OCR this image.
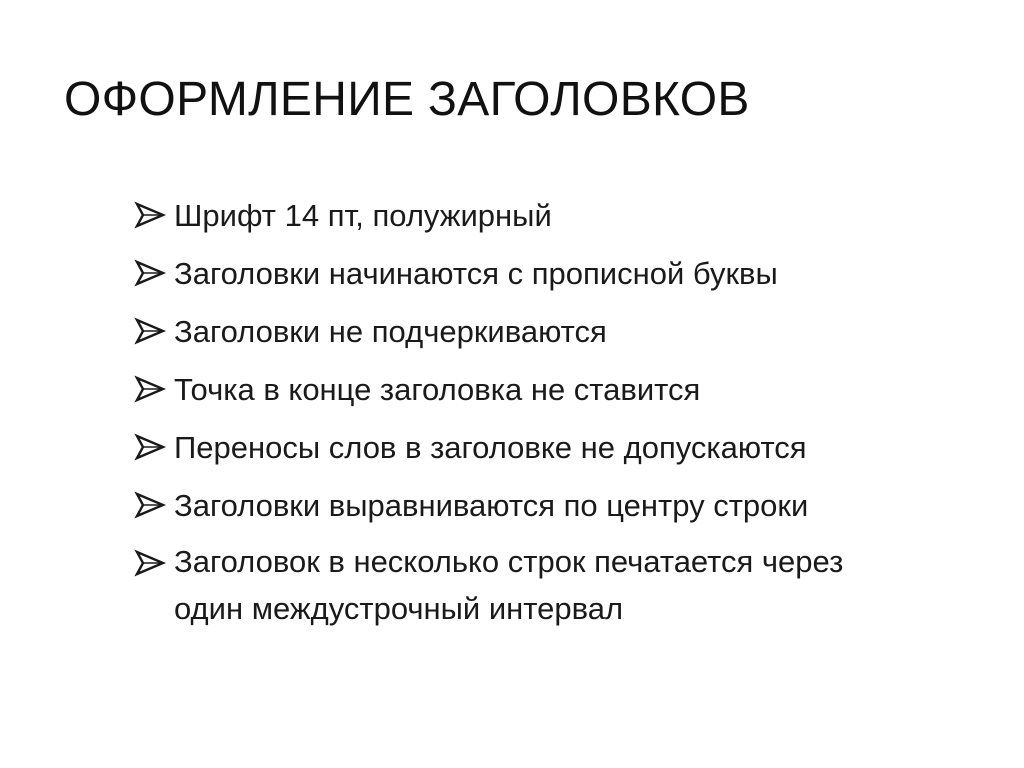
ОФОРМЛЕНИЕ ЗАГОЛОВКОВ
Шрифт 14 пт, полужирный
Заголовки начинаются с прописной буквы
Заголовки не подчеркиваются
Точка в конце заголовка не ставится
Переносы слов в заголовке не допускаются
Заголовки выравниваются по центру строки
Заголовок в несколько строк печатается через один междустрочный интервал
